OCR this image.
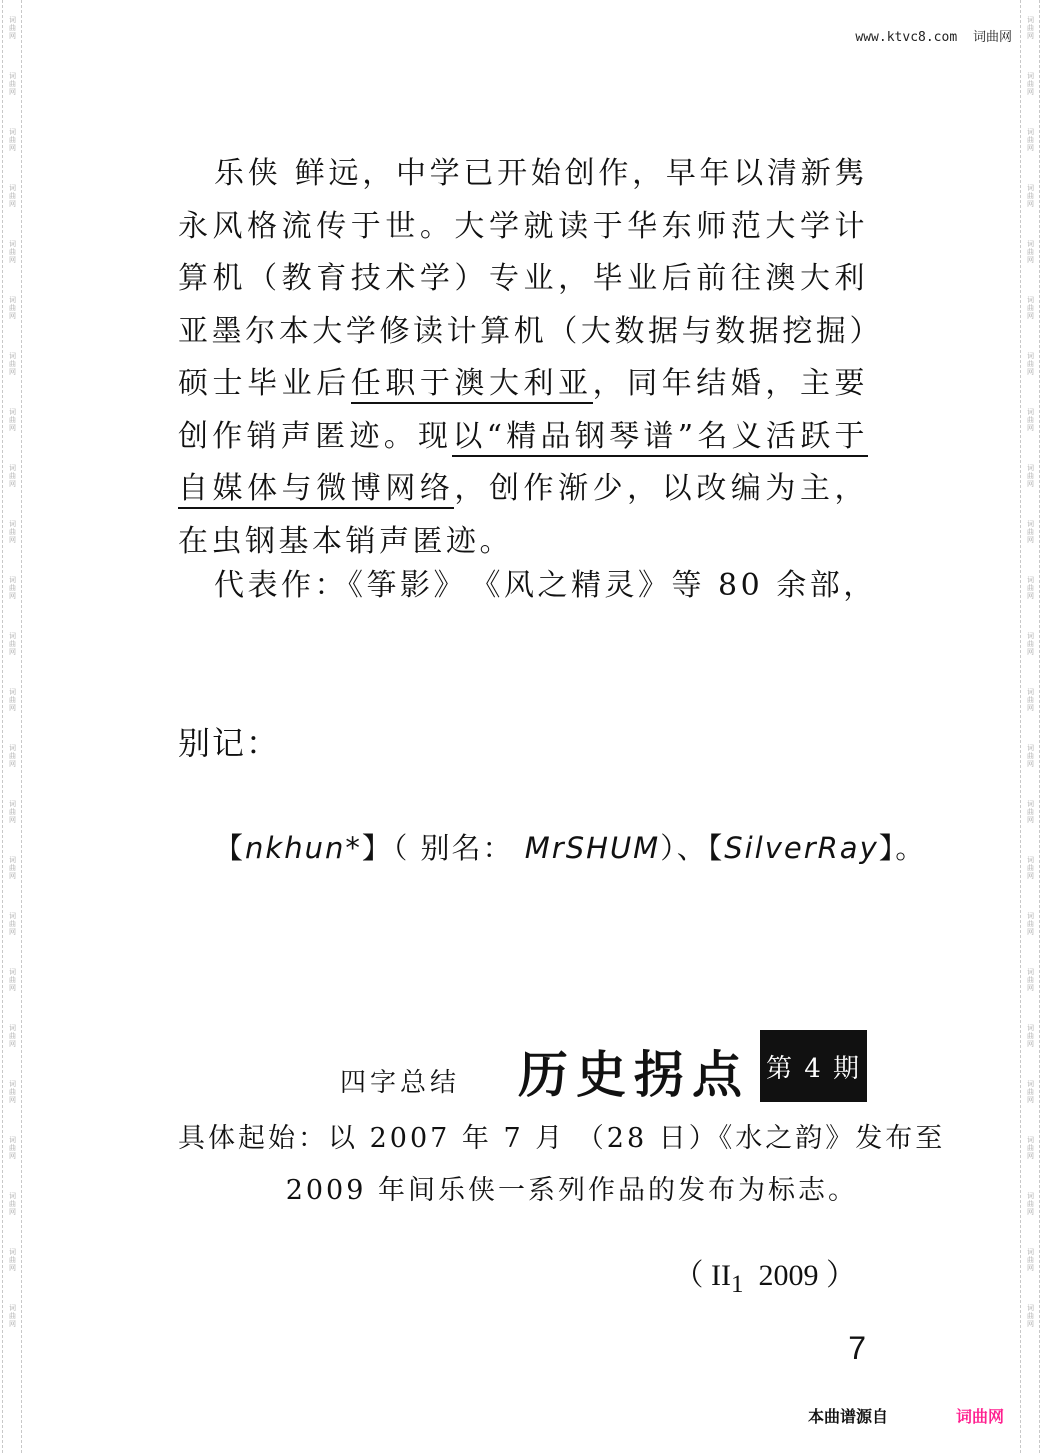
词曲网
词曲网
词曲网
词曲网
词曲网
词曲网
词曲网
词曲网
词曲网
词曲网
词曲网
词曲网
词曲网
词曲网
词曲网
词曲网
词曲网
词曲网
词曲网
词曲网
词曲网
词曲网
词曲网
词曲网
词曲网
词曲网
词曲网
词曲网
词曲网
词曲网
词曲网
词曲网
词曲网
词曲网
词曲网
词曲网
词曲网
词曲网
词曲网
词曲网
词曲网
词曲网
词曲网
词曲网
词曲网
词曲网
词曲网
词曲网
www.ktvc8.com 词曲网

乐侠 鲜远，中学已开始创作，早年以清新隽永风格流传于世。大学就读于华东师范大学计算机（教育技术学）专业，毕业后前往澳大利亚墨尔本大学修读计算机（大数据与数据挖掘）硕士毕业后任职于澳大利亚，同年结婚，主要创作销声匿迹。现以“精品钢琴谱”名义活跃于自媒体与微博网络，创作渐少，以改编为主，在虫钢基本销声匿迹。

代表作：《筝影》　《风之精灵》等 80 余部，
别记：
【nkhun*】（ 别名： MrSHUM）、【SilverRay】。
四字总结 历史拐点 第 4 期
具体起始：以 2007 年 7 月 （28 日）《水之韵》发布至
2009 年间乐侠一系列作品的发布为标志。
（ $II_1$ 2009 ）
7
本曲谱源自	词曲网
